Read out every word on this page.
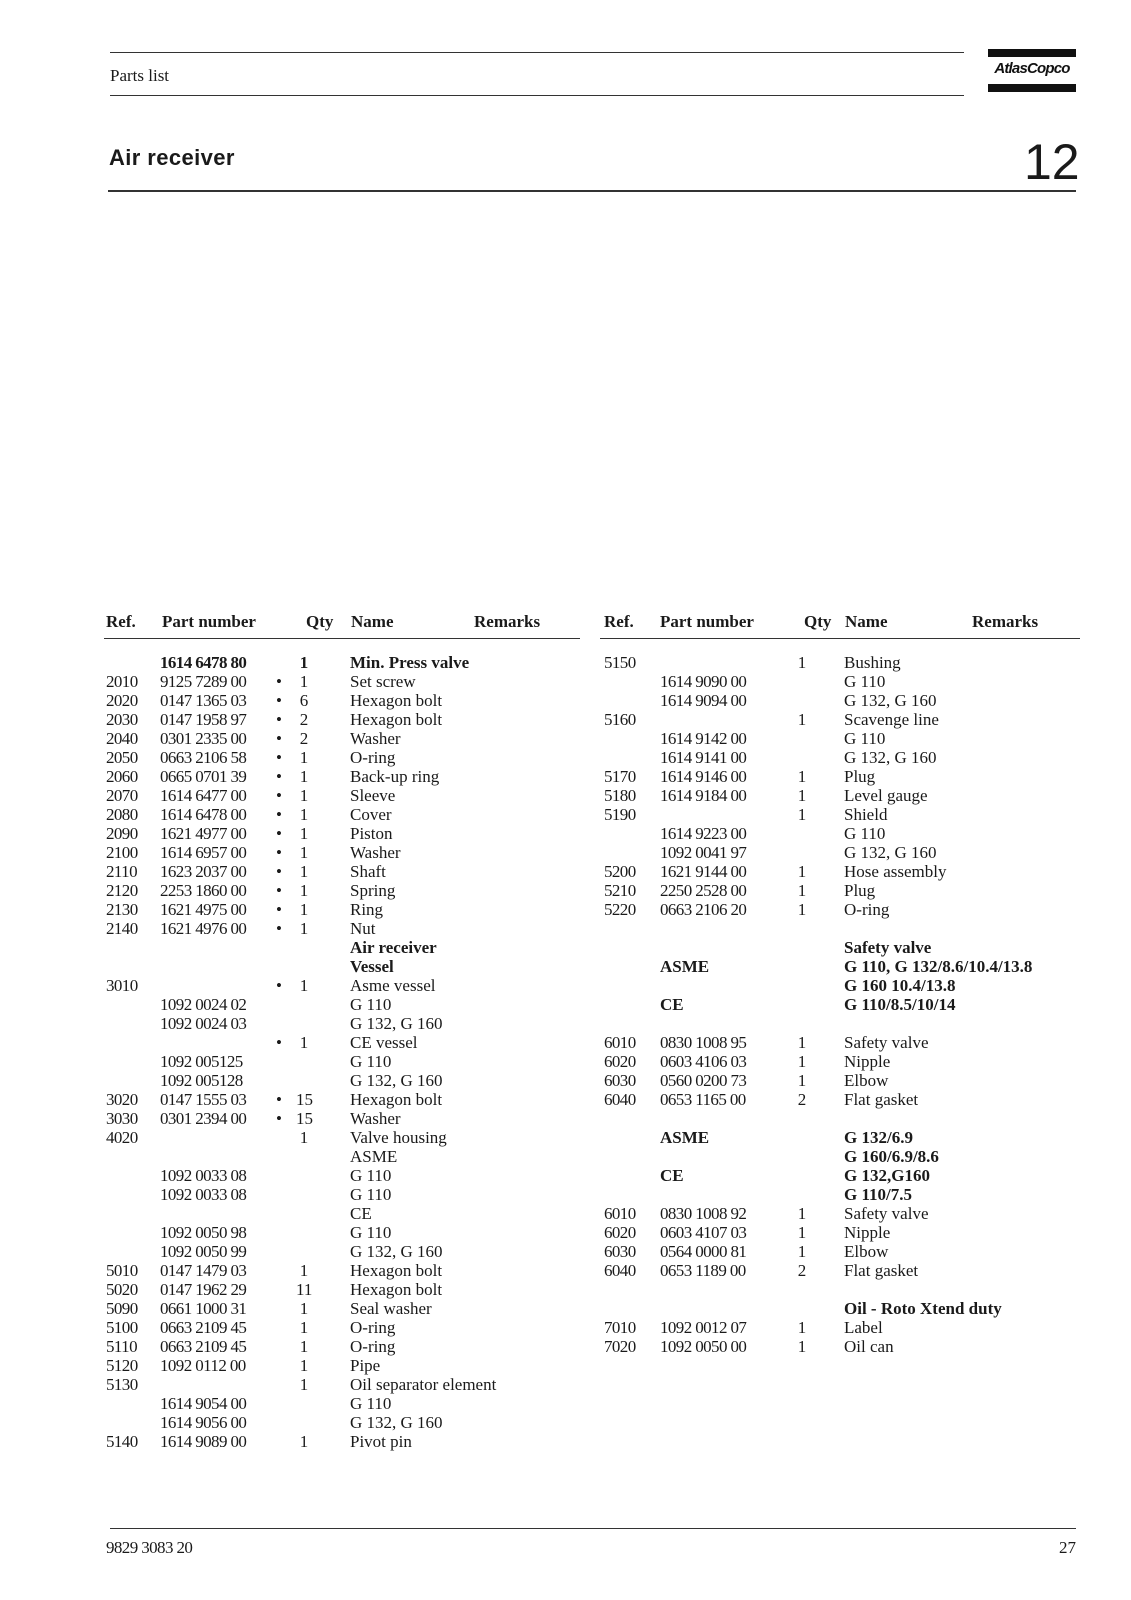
Parts list	AtlasCopco
Air receiver	12
Ref. Part number	Qty Name	Remarks
1614 6478 80	1 Min. Press valve
2010 9125 7289 00 • 1 Set screw
2020 0147 1365 03 • 6 Hexagon bolt
2030 0147 1958 97 • 2 Hexagon bolt
2040 0301 2335 00 • 2 Washer
2050 0663 2106 58 • 1 O-ring
2060 0665 0701 39 • 1 Back-up ring
2070 1614 6477 00 • 1 Sleeve
2080 1614 6478 00 • 1 Cover
2090 1621 4977 00 • 1 Piston
2100 1614 6957 00 • 1 Washer
2110 1623 2037 00 • 1 Shaft
2120 2253 1860 00 • 1 Spring
2130 1621 4975 00 • 1 Ring
2140 1621 4976 00 • 1 Nut
Air receiver
Vessel
3010	• 1 Asme vessel
1092 0024 02	G 110
1092 0024 03	G 132, G 160
• 1 CE vessel
1092 005125	G 110
1092 005128	G 132, G 160
3020 0147 1555 03 • 15 Hexagon bolt
3030 0301 2394 00 • 15 Washer
4020	1 Valve housing
ASME
1092 0033 08	G 110
1092 0033 08	G 110
CE
1092 0050 98	G 110
1092 0050 99	G 132, G 160
5010 0147 1479 03	1 Hexagon bolt
5020 0147 1962 29	11 Hexagon bolt
5090 0661 1000 31	1 Seal washer
5100 0663 2109 45	1 O-ring
5110 0663 2109 45	1 O-ring
5120 1092 0112 00	1 Pipe
5130	1 Oil separator element
1614 9054 00	G 110
1614 9056 00	G 132, G 160
5140 1614 9089 00	1 Pivot pin
Ref. Part number	Qty Name	Remarks
5150	1 Bushing
1614 9090 00	G 110
1614 9094 00	G 132, G 160
5160	1 Scavenge line
1614 9142 00	G 110
1614 9141 00	G 132, G 160
5170 1614 9146 00	1 Plug
5180 1614 9184 00	1 Level gauge
5190	1 Shield
1614 9223 00	G 110
1092 0041 97	G 132, G 160
5200 1621 9144 00	1 Hose assembly
5210 2250 2528 00	1 Plug
5220 0663 2106 20	1 O-ring
Safety valve
ASME	G 110, G 132/8.6/10.4/13.8
G 160 10.4/13.8
CE	G 110/8.5/10/14
6010 0830 1008 95	1 Safety valve
6020 0603 4106 03	1 Nipple
6030 0560 0200 73	1 Elbow
6040 0653 1165 00	2 Flat gasket
ASME	G 132/6.9
G 160/6.9/8.6
CE	G 132,G160
G 110/7.5
6010 0830 1008 92	1 Safety valve
6020 0603 4107 03	1 Nipple
6030 0564 0000 81	1 Elbow
6040 0653 1189 00	2 Flat gasket
Oil - Roto Xtend duty
7010 1092 0012 07	1 Label
7020 1092 0050 00	1 Oil can
9829 3083 20	27
